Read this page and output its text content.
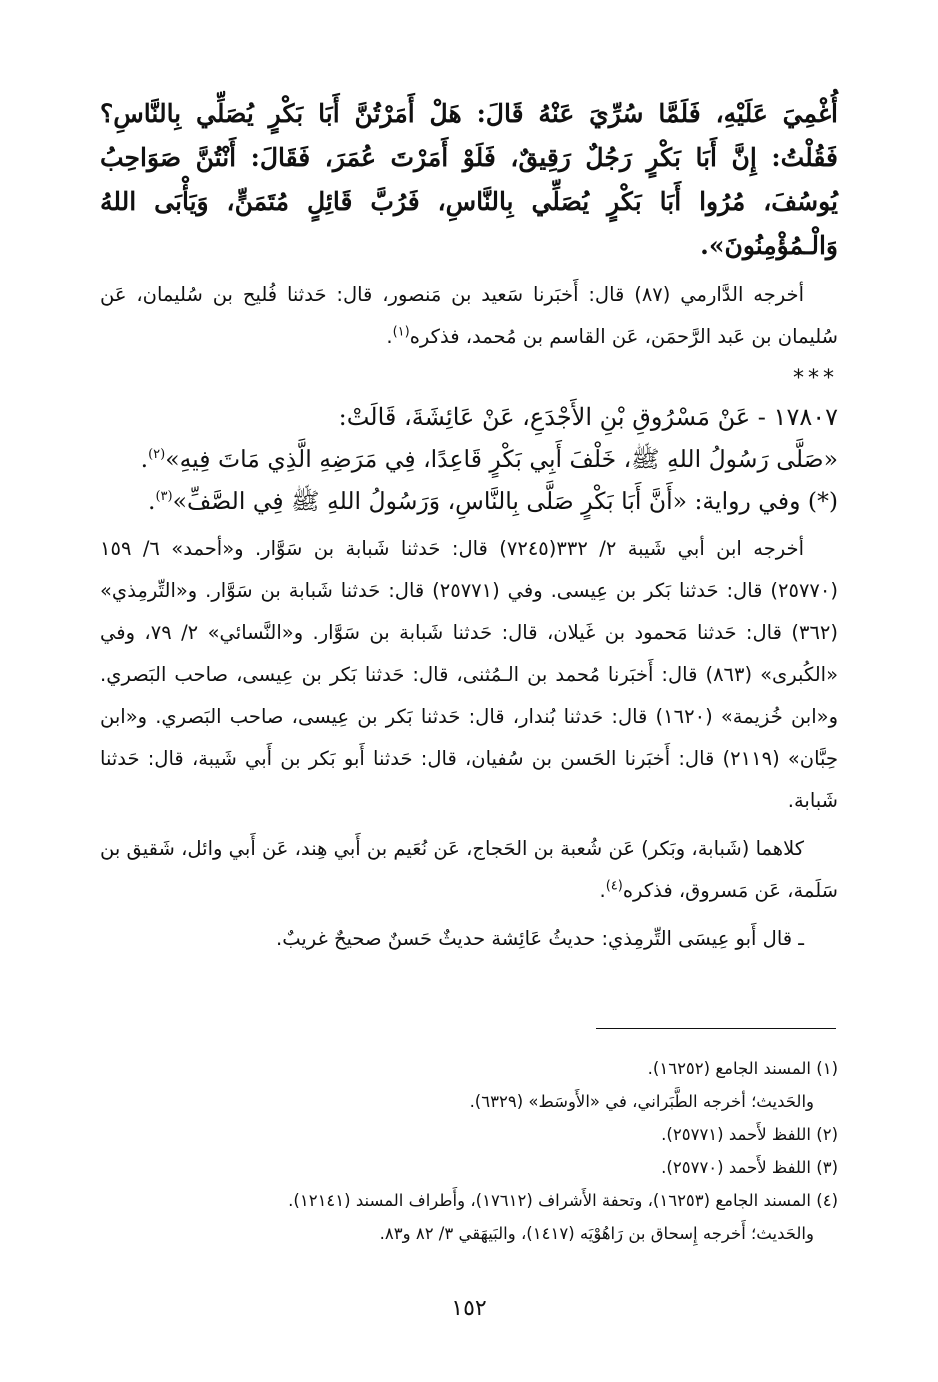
أُغْمِيَ عَلَيْهِ، فَلَمَّا سُرِّيَ عَنْهُ قَالَ: هَلْ أَمَرْتُنَّ أَبَا بَكْرٍ يُصَلِّي بِالنَّاسِ؟ فَقُلْتُ: إِنَّ أَبَا بَكْرٍ رَجُلٌ رَقِيقٌ، فَلَوْ أَمَرْتَ عُمَرَ، فَقَالَ: أَنْتُنَّ صَوَاحِبُ يُوسُفَ، مُرُوا أَبَا بَكْرٍ يُصَلِّي بِالنَّاسِ، فَرُبَّ قَائِلٍ مُتَمَنٍّ، وَيَأْبَى اللهُ وَالْـمُؤْمِنُونَ».

أخرجه الدَّارمي (٨٧) قال: أَخبَرنا سَعيد بن مَنصور، قال: حَدثنا فُليح بن سُليمان، عَن سُليمان بن عَبد الرَّحمَن، عَن القاسم بن مُحمد، فذكره$^{(١)}$.

***

١٧٨٠٧ - عَنْ مَسْرُوقِ بْنِ الأَجْدَعِ، عَنْ عَائِشَةَ، قَالَتْ:

«صَلَّى رَسُولُ اللهِ ﷺ، خَلْفَ أَبِي بَكْرٍ قَاعِدًا، فِي مَرَضِهِ الَّذِي مَاتَ فِيهِ»$^{(٢)}$.

(*) وفي رواية: «أَنَّ أَبَا بَكْرٍ صَلَّى بِالنَّاسِ، وَرَسُولُ اللهِ ﷺ فِي الصَّفِّ»$^{(٣)}$.

أخرجه ابن أبي شَيبة ٢/ ٣٣٢(٧٢٤٥) قال: حَدثنا شَبابة بن سَوَّار. و«أحمد» ٦/ ١٥٩ (٢٥٧٧٠) قال: حَدثنا بَكر بن عِيسى. وفي (٢٥٧٧١) قال: حَدثنا شَبابة بن سَوَّار. و«التِّرمِذي» (٣٦٢) قال: حَدثنا مَحمود بن غَيلان، قال: حَدثنا شَبابة بن سَوَّار. و«النَّسائي» ٢/ ٧٩، وفي «الكُبرى» (٨٦٣) قال: أَخبَرنا مُحمد بن الـمُثنى، قال: حَدثنا بَكر بن عِيسى، صاحب البَصري. و«ابن خُزيمة» (١٦٢٠) قال: حَدثنا بُندار، قال: حَدثنا بَكر بن عِيسى، صاحب البَصري. و«ابن حِبَّان» (٢١١٩) قال: أَخبَرنا الحَسن بن سُفيان، قال: حَدثنا أَبو بَكر بن أَبي شَيبة، قال: حَدثنا شَبابة.

كلاهما (شَبابة، وبَكر) عَن شُعبة بن الحَجاج، عَن نُعَيم بن أَبي هِند، عَن أَبي وائل، شَقيق بن سَلَمة، عَن مَسروق، فذكره$^{(٤)}$.

ـ قال أَبو عِيسَى التِّرمِذي: حديثُ عَائِشة حديثٌ حَسنٌ صحيحٌ غريبٌ.

(١) المسند الجامع (١٦٢٥٢).

والحَديث؛ أخرجه الطَّبَراني، في «الأَوسَط» (٦٣٢٩).

(٢) اللفظ لأَحمد (٢٥٧٧١).

(٣) اللفظ لأَحمد (٢٥٧٧٠).

(٤) المسند الجامع (١٦٢٥٣)، وتحفة الأَشراف (١٧٦١٢)، وأَطراف المسند (١٢١٤١).

والحَديث؛ أَخرجه إِسحاق بن رَاهُوْيَه (١٤١٧)، والبَيهَقي ٣/ ٨٢ و٨٣.

١٥٢
